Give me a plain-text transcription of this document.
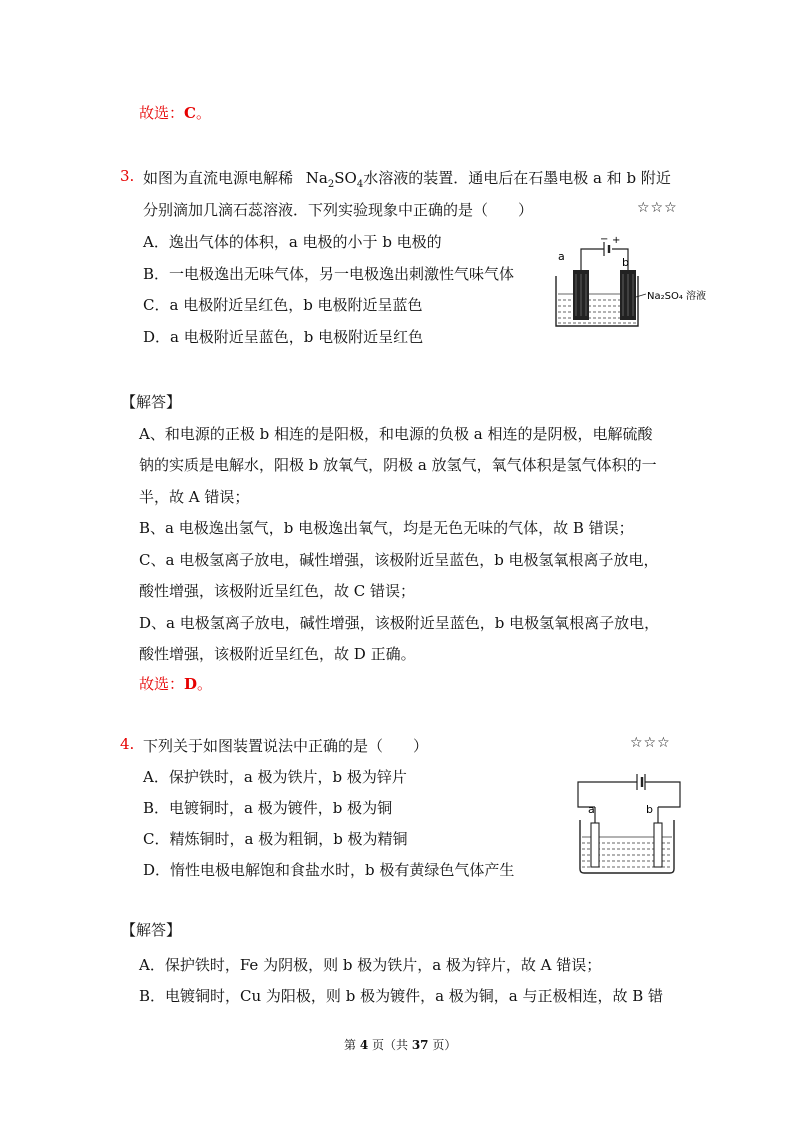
故选：C。
3. 如图为直流电源电解稀 $Na_2SO_4$水溶液的装置．通电后在石墨电极 a 和 b 附近
分别滴加几滴石蕊溶液．下列实验现象中正确的是（　　）	☆☆☆
A．逸出气体的体积，a 电极的小于 b 电极的
B．一电极逸出无味气体，另一电极逸出刺激性气味气体
C．a 电极附近呈红色，b 电极附近呈蓝色
D．a 电极附近呈蓝色，b 电极附近呈红色
− +
a	b
Na₂SO₄ 溶液
【解答】
A、和电源的正极 b 相连的是阳极，和电源的负极 a 相连的是阴极，电解硫酸
钠的实质是电解水，阳极 b 放氧气，阴极 a 放氢气，氧气体积是氢气体积的一
半，故 A 错误；
B、a 电极逸出氢气，b 电极逸出氧气，均是无色无味的气体，故 B 错误；
C、a 电极氢离子放电，碱性增强，该极附近呈蓝色，b 电极氢氧根离子放电，
酸性增强，该极附近呈红色，故 C 错误；
D、a 电极氢离子放电，碱性增强，该极附近呈蓝色，b 电极氢氧根离子放电，
酸性增强，该极附近呈红色，故 D 正确。
故选：D。
4. 下列关于如图装置说法中正确的是（　　）	☆☆☆
A．保护铁时，a 极为铁片，b 极为锌片
B．电镀铜时，a 极为镀件，b 极为铜
C．精炼铜时，a 极为粗铜，b 极为精铜
D．惰性电极电解饱和食盐水时，b 极有黄绿色气体产生
a	b
【解答】
A．保护铁时，Fe 为阴极，则 b 极为铁片，a 极为锌片，故 A 错误；
B．电镀铜时，Cu 为阳极，则 b 极为镀件，a 极为铜，a 与正极相连，故 B 错
第 4 页（共 37 页）
